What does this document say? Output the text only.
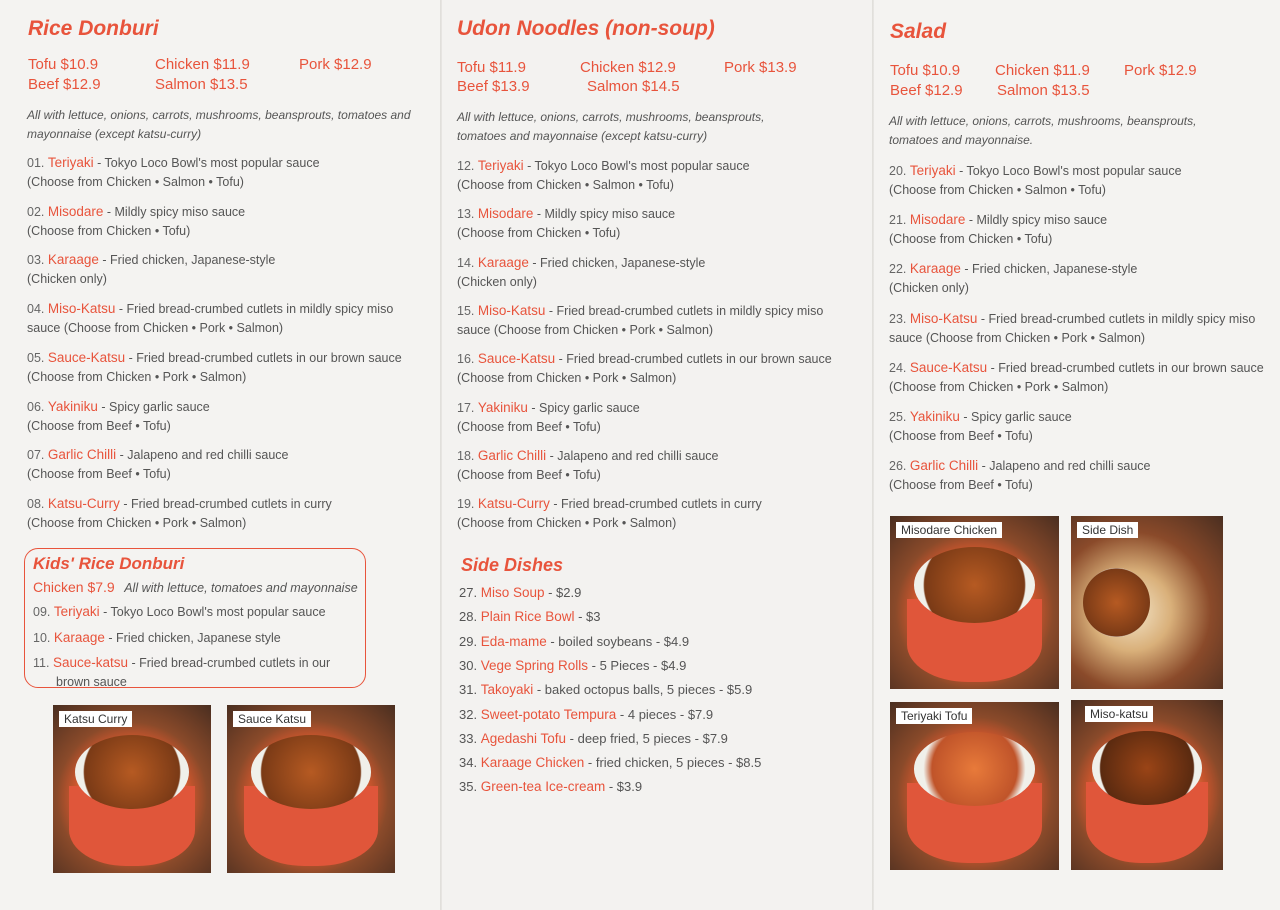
Rice Donburi
Tofu $10.9	Chicken $11.9	Pork $12.9
Beef $12.9	Salmon $13.5

All with lettuce, onions, carrots, mushrooms, beansprouts, tomatoes and mayonnaise (except katsu-curry)

Kids' Rice Donburi
Chicken $7.9 All with lettuce, tomatoes and mayonnaise
Katsu Curry	Sauce Katsu

01. Teriyaki - Tokyo Loco Bowl's most popular sauce
(Choose from Chicken • Salmon • Tofu)

02. Misodare - Mildly spicy miso sauce
(Choose from Chicken • Tofu)

03. Karaage - Fried chicken, Japanese-style
(Chicken only)

04. Miso-Katsu - Fried bread-crumbed cutlets in mildly spicy miso
sauce (Choose from Chicken • Pork • Salmon)

05. Sauce-Katsu - Fried bread-crumbed cutlets in our brown sauce
(Choose from Chicken • Pork • Salmon)

06. Yakiniku - Spicy garlic sauce
(Choose from Beef • Tofu)

07. Garlic Chilli - Jalapeno and red chilli sauce
(Choose from Beef • Tofu)

08. Katsu-Curry - Fried bread-crumbed cutlets in curry
(Choose from Chicken • Pork • Salmon)

09. Teriyaki - Tokyo Loco Bowl's most popular sauce

10. Karaage - Fried chicken, Japanese style

11. Sauce-katsu - Fried bread-crumbed cutlets in our
brown sauce

Udon Noodles (non-soup)
Tofu $11.9	Chicken $12.9	Pork $13.9
Beef $13.9	Salmon $14.5

All with lettuce, onions, carrots, mushrooms, beansprouts, tomatoes and mayonnaise (except katsu-curry)

Side Dishes

12. Teriyaki - Tokyo Loco Bowl's most popular sauce
(Choose from Chicken • Salmon • Tofu)

13. Misodare - Mildly spicy miso sauce
(Choose from Chicken • Tofu)

14. Karaage - Fried chicken, Japanese-style
(Chicken only)

15. Miso-Katsu - Fried bread-crumbed cutlets in mildly spicy miso
sauce (Choose from Chicken • Pork • Salmon)

16. Sauce-Katsu - Fried bread-crumbed cutlets in our brown sauce
(Choose from Chicken • Pork • Salmon)

17. Yakiniku - Spicy garlic sauce
(Choose from Beef • Tofu)

18. Garlic Chilli - Jalapeno and red chilli sauce
(Choose from Beef • Tofu)

19. Katsu-Curry - Fried bread-crumbed cutlets in curry
(Choose from Chicken • Pork • Salmon)

27. Miso Soup - $2.9

28. Plain Rice Bowl - $3

29. Eda-mame - boiled soybeans - $4.9

30. Vege Spring Rolls - 5 Pieces - $4.9

31. Takoyaki - baked octopus balls, 5 pieces - $5.9

32. Sweet-potato Tempura - 4 pieces - $7.9

33. Agedashi Tofu - deep fried, 5 pieces - $7.9

34. Karaage Chicken - fried chicken, 5 pieces - $8.5

35. Green-tea Ice-cream - $3.9

Salad
Tofu $10.9 Chicken $11.9 Pork $12.9
Beef $12.9 Salmon $13.5

All with lettuce, onions, carrots, mushrooms, beansprouts, tomatoes and mayonnaise.

Misodare Chicken	Side Dish
Teriyaki Tofu	Miso-katsu

20. Teriyaki - Tokyo Loco Bowl's most popular sauce
(Choose from Chicken • Salmon • Tofu)

21. Misodare - Mildly spicy miso sauce
(Choose from Chicken • Tofu)

22. Karaage - Fried chicken, Japanese-style
(Chicken only)

23. Miso-Katsu - Fried bread-crumbed cutlets in mildly spicy miso
sauce (Choose from Chicken • Pork • Salmon)

24. Sauce-Katsu - Fried bread-crumbed cutlets in our brown sauce
(Choose from Chicken • Pork • Salmon)

25. Yakiniku - Spicy garlic sauce
(Choose from Beef • Tofu)

26. Garlic Chilli - Jalapeno and red chilli sauce
(Choose from Beef • Tofu)
